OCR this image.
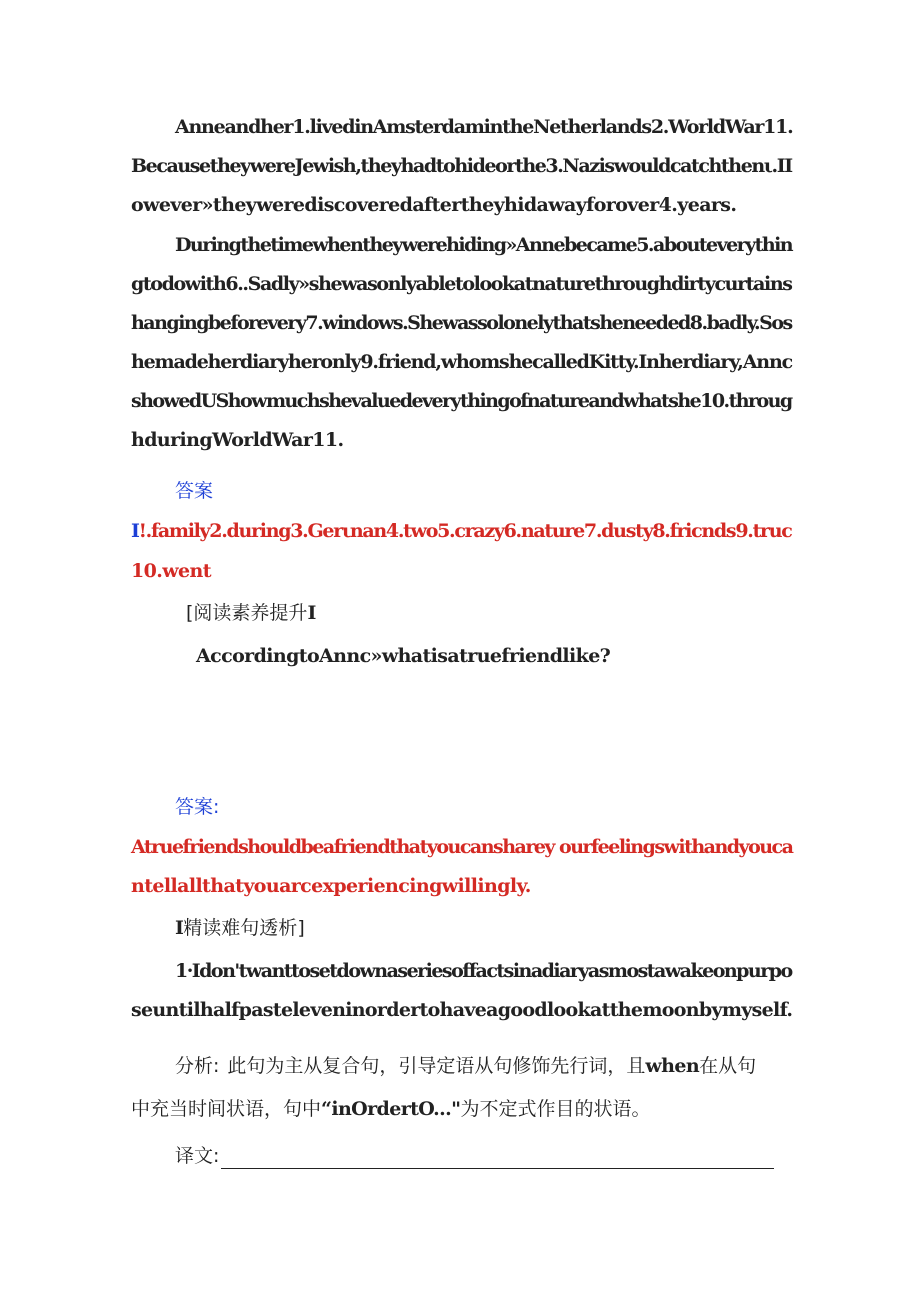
Anneandher1.livedinAmsterdamintheNetherlands2.WorldWar11.
BecausetheywereJewish,theyhadtohideorthe3.Naziswouldcatchthenι.II
owever»theywerediscoveredaftertheyhidawayforover4.years.
Duringthetimewhentheywerehiding»Annebecame5.abouteverythin
gtodowith6..Sadly»shewasonlyabletolookatnaturethroughdirtycurtains
hangingbeforevery7.windows.Shewassolonelythatsheneeded8.badly.Sos
hemadeherdiaryheronly9.friend,whomshecalledKitty.Inherdiary,Annc
showedUShowmuchshevaluedeverythingofnatureandwhatshe10.throug
hduringWorldWar11.
答案
I!.family2.during3.Gerιnan4.two5.crazy6.nature7.dusty8.fricnds9.truc
10.went
[阅读素养提升I
AccordingtoAnnc»whatisatruefriendlike?
答案:
Atruefriendshouldbeafriendthatyoucansharey ourfeelingswithandyouca
ntellallthatyouarcexperiencingwillingly.
I精读难句透析]
1·Idon'twanttosetdownaseriesoffactsinadiaryasmostawakeonpurpo
seuntilhalfpasteleveninordertohaveagoodlookatthemoonbymyself.
分析: 此句为主从复合句，引导定语从句修饰先行词，且when在从句
中充当时间状语，句中“inOrdertO..."为不定式作目的状语。
译文:
